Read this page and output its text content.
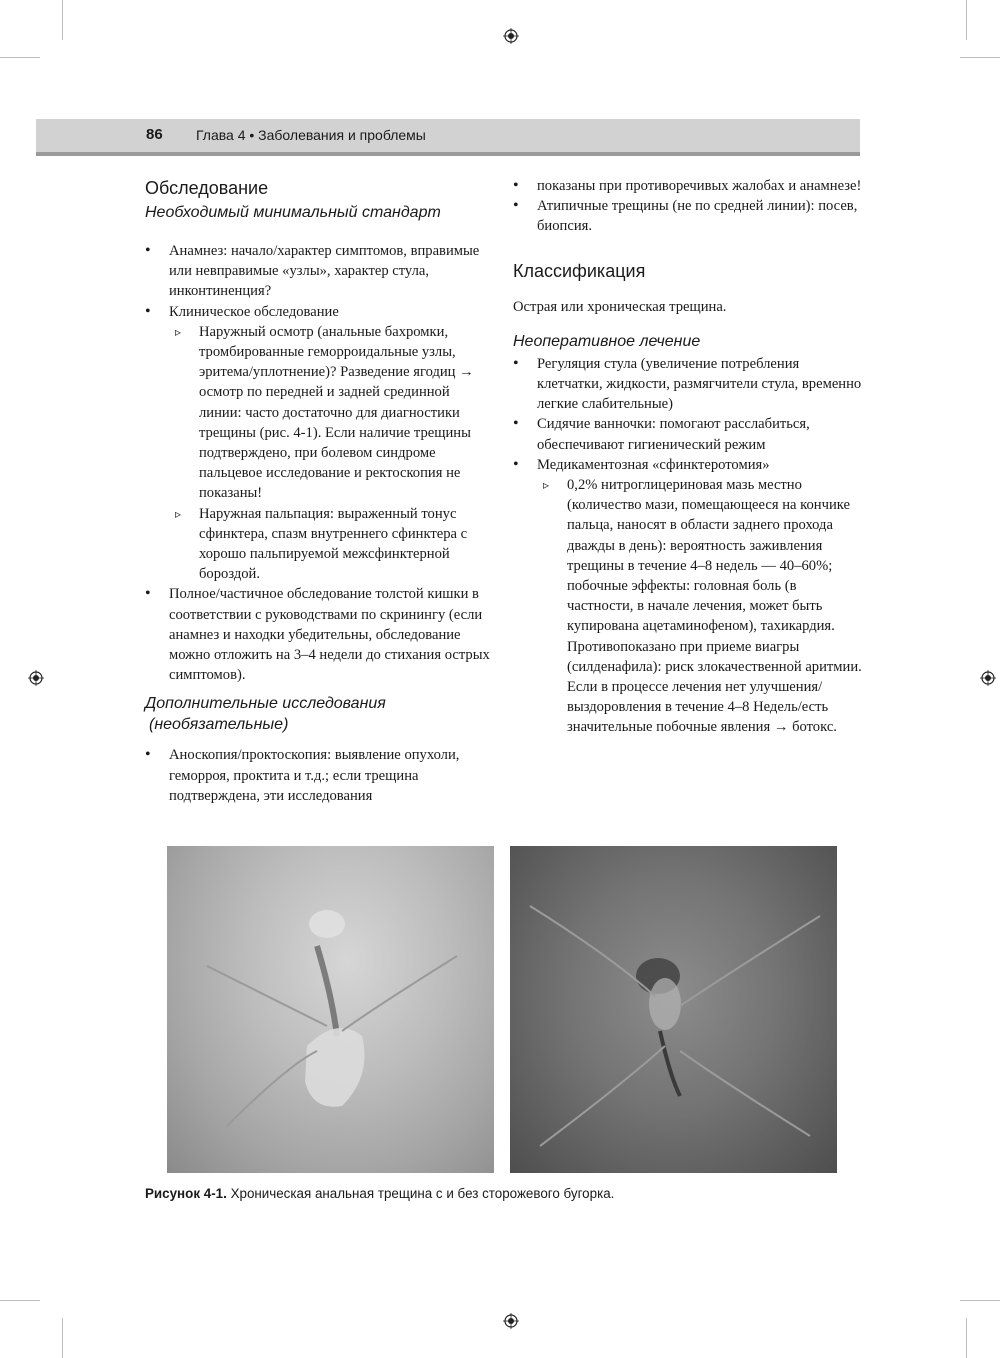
86 Глава 4 • Заболевания и проблемы
Обследование
Необходимый минимальный стандарт
• Анамнез: начало/характер симптомов, вправимые или невправимые «узлы», характер стула, инконтиненция?
• Клиническое обследование
▹ Наружный осмотр (анальные бахромки, тромбированные геморроидальные узлы, эритема/уплотнение)? Разведение ягодиц → осмотр по передней и задней срединной линии: часто достаточно для диагностики трещины (рис. 4-1). Если наличие трещины подтверждено, при болевом синдроме пальцевое исследование и ректоскопия не показаны!
▹ Наружная пальпация: выраженный тонус сфинктера, спазм внутреннего сфинктера с хорошо пальпируемой межсфинктерной бороздой.
• Полное/частичное обследование толстой кишки в соответствии с руководствами по скринингу (если анамнез и находки убедительны, обследование можно отложить на 3–4 недели до стихания острых симптомов).
Дополнительные исследования
(необязательные)
• Аноскопия/проктоскопия: выявление опухоли, геморроя, проктита и т.д.; если трещина подтверждена, эти исследования
• показаны при противоречивых жалобах и анамнезе!
• Атипичные трещины (не по средней линии): посев, биопсия.
Классификация

Острая или хроническая трещина.

Неоперативное лечение
• Регуляция стула (увеличение потребления клетчатки, жидкости, размягчители стула, временно легкие слабительные)
• Сидячие ванночки: помогают расслабиться, обеспечивают гигиенический режим
• Медикаментозная «сфинктеротомия»
▹ 0,2% нитроглицериновая мазь местно (количество мази, помещающееся на кончике пальца, наносят в области заднего прохода дважды в день): вероятность заживления трещины в течение 4–8 недель — 40–60%; побочные эффекты: головная боль (в частности, в начале лечения, может быть купирована ацетаминофеном), тахикардия. Противопоказано при приеме виагры (силденафила): риск злокачественной аритмии. Если в процессе лечения нет улучшения/выздоровления в течение 4–8 Недель/есть значительные побочные явления → ботокс.
Рисунок 4-1. Хроническая анальная трещина с и без сторожевого бугорка.
